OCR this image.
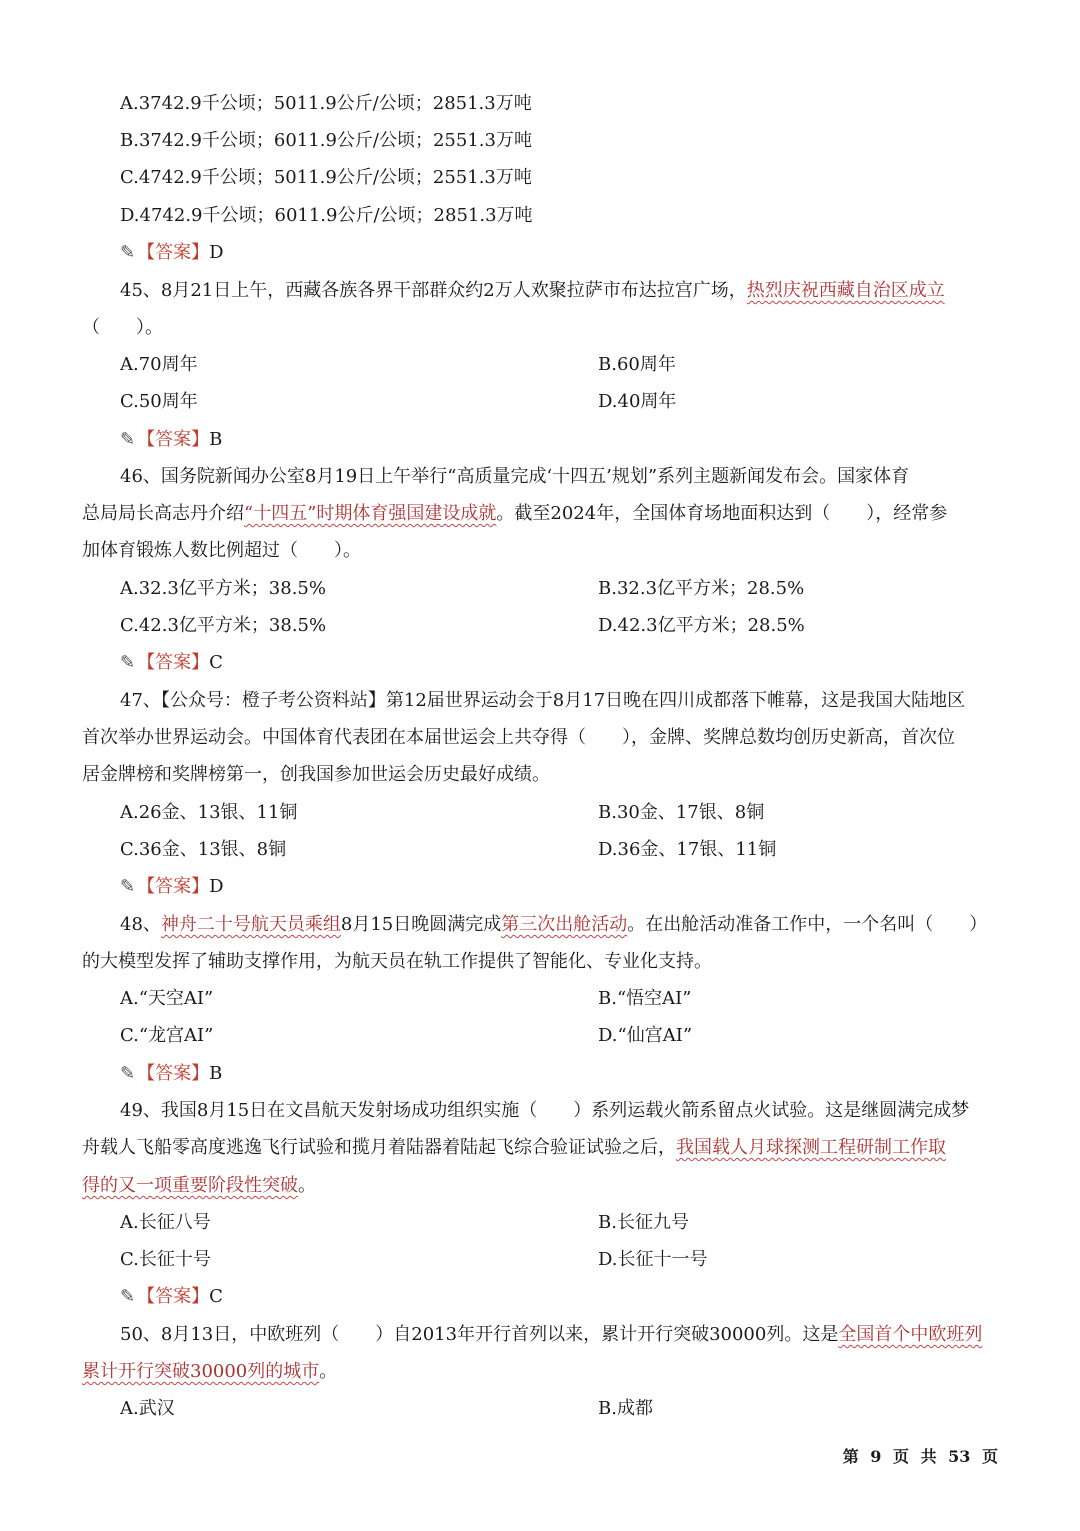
A.3742.9千公顷；5011.9公斤/公顷；2851.3万吨
B.3742.9千公顷；6011.9公斤/公顷；2551.3万吨
C.4742.9千公顷；5011.9公斤/公顷；2551.3万吨
D.4742.9千公顷；6011.9公斤/公顷；2851.3万吨
✎ 【答案】D
45、8月21日上午，西藏各族各界干部群众约2万人欢聚拉萨市布达拉宫广场，热烈庆祝西藏自治区成立
（　　）。
A.70周年	B.60周年
C.50周年	D.40周年
✎ 【答案】B
46、国务院新闻办公室8月19日上午举行“高质量完成‘十四五’规划”系列主题新闻发布会。国家体育
总局局长高志丹介绍“十四五”时期体育强国建设成就。截至2024年，全国体育场地面积达到（　　），经常参
加体育锻炼人数比例超过（　　）。
A.32.3亿平方米；38.5%	B.32.3亿平方米；28.5%
C.42.3亿平方米；38.5%	D.42.3亿平方米；28.5%
✎ 【答案】C
47、【公众号：橙子考公资料站】第12届世界运动会于8月17日晚在四川成都落下帷幕，这是我国大陆地区
首次举办世界运动会。中国体育代表团在本届世运会上共夺得（　　），金牌、奖牌总数均创历史新高，首次位
居金牌榜和奖牌榜第一，创我国参加世运会历史最好成绩。
A.26金、13银、11铜	B.30金、17银、8铜
C.36金、13银、8铜	D.36金、17银、11铜
✎ 【答案】D
48、神舟二十号航天员乘组8月15日晚圆满完成第三次出舱活动。在出舱活动准备工作中，一个名叫（　　）
的大模型发挥了辅助支撑作用，为航天员在轨工作提供了智能化、专业化支持。
A.“天空AI”	B.“悟空AI”
C.“龙宫AI”	D.“仙宫AI”
✎ 【答案】B
49、我国8月15日在文昌航天发射场成功组织实施（　　）系列运载火箭系留点火试验。这是继圆满完成梦
舟载人飞船零高度逃逸飞行试验和揽月着陆器着陆起飞综合验证试验之后，我国载人月球探测工程研制工作取
得的又一项重要阶段性突破。
A.长征八号	B.长征九号
C.长征十号	D.长征十一号
✎ 【答案】C
50、8月13日，中欧班列（　　）自2013年开行首列以来，累计开行突破30000列。这是全国首个中欧班列
累计开行突破30000列的城市。
A.武汉	B.成都
第 9 页 共 53 页
